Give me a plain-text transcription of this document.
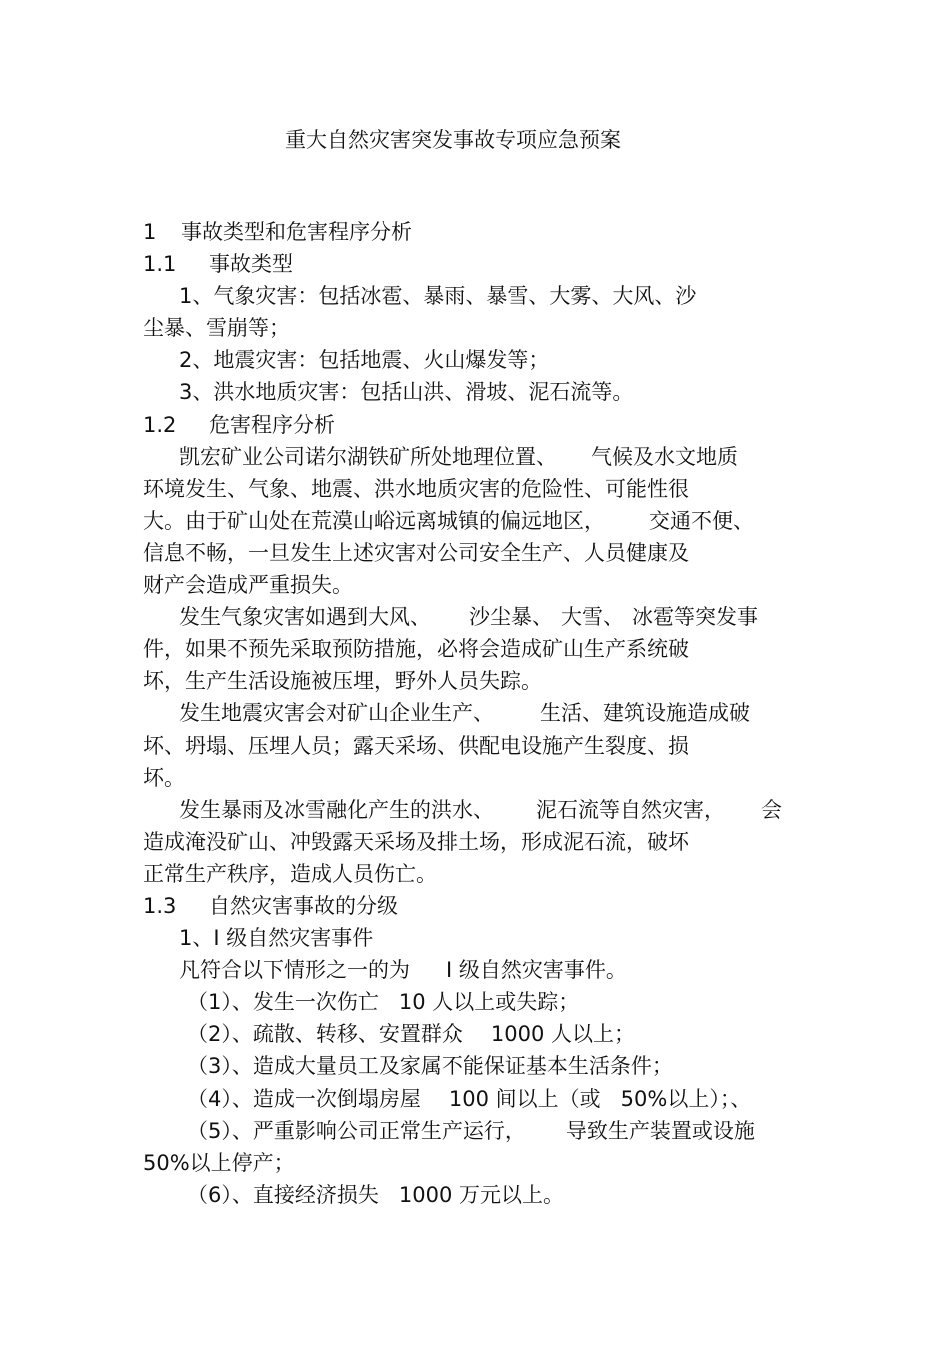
重大自然灾害突发事故专项应急预案
1 事故类型和危害程序分析
1.1 事故类型
1、气象灾害：包括冰雹、暴雨、暴雪、大雾、大风、沙
尘暴、雪崩等；
2、地震灾害：包括地震、火山爆发等；
3、洪水地质灾害：包括山洪、滑坡、泥石流等。
1.2 危害程序分析
凯宏矿业公司诺尔湖铁矿所处地理位置、 气候及水文地质
环境发生、气象、地震、洪水地质灾害的危险性、可能性很
大。由于矿山处在荒漠山峪远离城镇的偏远地区， 交通不便、
信息不畅，一旦发生上述灾害对公司安全生产、人员健康及
财产会造成严重损失。
发生气象灾害如遇到大风、 沙尘暴、 大雪、 冰雹等突发事
件，如果不预先采取预防措施，必将会造成矿山生产系统破
坏，生产生活设施被压埋，野外人员失踪。
发生地震灾害会对矿山企业生产、 生活、建筑设施造成破
坏、坍塌、压埋人员；露天采场、供配电设施产生裂度、损
坏。
发生暴雨及冰雪融化产生的洪水、 泥石流等自然灾害， 会
造成淹没矿山、冲毁露天采场及排土场，形成泥石流，破坏
正常生产秩序，造成人员伤亡。
1.3 自然灾害事故的分级
1、I 级自然灾害事件
凡符合以下情形之一的为 I 级自然灾害事件。
（1）、发生一次伤亡 10 人以上或失踪；
（2）、疏散、转移、安置群众 1000 人以上；
（3）、造成大量员工及家属不能保证基本生活条件；
（4）、造成一次倒塌房屋 100 间以上（或 50%以上）；、
（5）、严重影响公司正常生产运行， 导致生产装置或设施
50%以上停产；
（6）、直接经济损失 1000 万元以上。
